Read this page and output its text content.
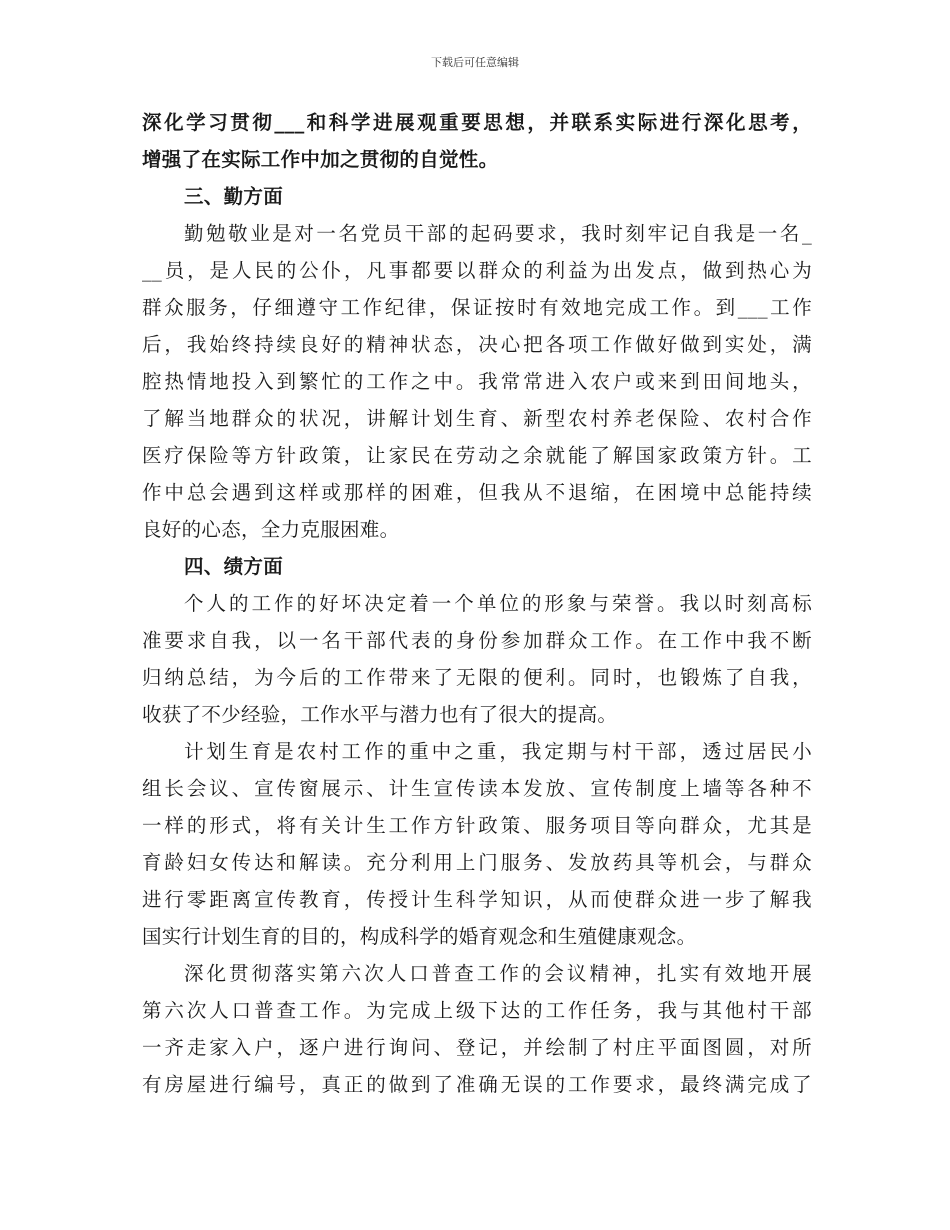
下载后可任意编辑
深化学习贯彻___和科学进展观重要思想，并联系实际进行深化思考，
增强了在实际工作中加之贯彻的自觉性。
三、勤方面
勤勉敬业是对一名党员干部的起码要求，我时刻牢记自我是一名_
__员，是人民的公仆，凡事都要以群众的利益为出发点，做到热心为
群众服务，仔细遵守工作纪律，保证按时有效地完成工作。到___工作
后，我始终持续良好的精神状态，决心把各项工作做好做到实处，满
腔热情地投入到繁忙的工作之中。我常常进入农户或来到田间地头，
了解当地群众的状况，讲解计划生育、新型农村养老保险、农村合作
医疗保险等方针政策，让家民在劳动之余就能了解国家政策方针。工
作中总会遇到这样或那样的困难，但我从不退缩，在困境中总能持续
良好的心态，全力克服困难。
四、绩方面
个人的工作的好坏决定着一个单位的形象与荣誉。我以时刻高标
准要求自我，以一名干部代表的身份参加群众工作。在工作中我不断
归纳总结，为今后的工作带来了无限的便利。同时，也锻炼了自我，
收获了不少经验，工作水平与潜力也有了很大的提高。
计划生育是农村工作的重中之重，我定期与村干部，透过居民小
组长会议、宣传窗展示、计生宣传读本发放、宣传制度上墙等各种不
一样的形式，将有关计生工作方针政策、服务项目等向群众，尤其是
育龄妇女传达和解读。充分利用上门服务、发放药具等机会，与群众
进行零距离宣传教育，传授计生科学知识，从而使群众进一步了解我
国实行计划生育的目的，构成科学的婚育观念和生殖健康观念。
深化贯彻落实第六次人口普查工作的会议精神，扎实有效地开展
第六次人口普查工作。为完成上级下达的工作任务，我与其他村干部
一齐走家入户，逐户进行询问、登记，并绘制了村庄平面图圆，对所
有房屋进行编号，真正的做到了准确无误的工作要求，最终满完成了
